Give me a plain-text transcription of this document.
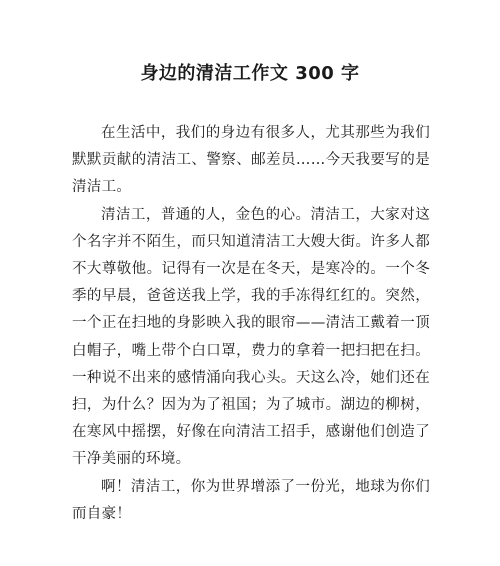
身边的清洁工作文 300 字

在生活中，我们的身边有很多人，尤其那些为我们默默贡献的清洁工、警察、邮差员……今天我要写的是清洁工。

清洁工，普通的人，金色的心。清洁工，大家对这个名字并不陌生，而只知道清洁工大嫂大街。许多人都不大尊敬他。记得有一次是在冬天，是寒冷的。一个冬季的早晨，爸爸送我上学，我的手冻得红红的。突然，一个正在扫地的身影映入我的眼帘——清洁工戴着一顶白帽子，嘴上带个白口罩，费力的拿着一把扫把在扫。一种说不出来的感情涌向我心头。天这么冷，她们还在扫，为什么？因为为了祖国；为了城市。湖边的柳树，在寒风中摇摆，好像在向清洁工招手，感谢他们创造了干净美丽的环境。

啊！清洁工，你为世界增添了一份光，地球为你们而自豪！
